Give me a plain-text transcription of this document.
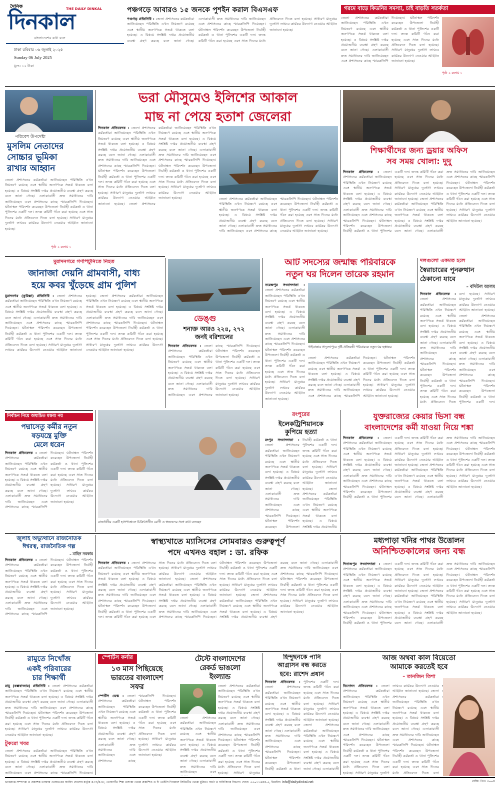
দৈনিক
দিনকাল
THE DAILY DINKAL
বাংলাদেশের কথা বলে
ঢাকা রবিবার ০৬ জুলাই ২০২৫
Sunday 06 July 2025
মূল্য: ১২ টাকা
পঞ্চগড়ে আবারও ১৫ জনকে পুশইন করাল বিএসএফ
পঞ্চগড় প্রতিনিধি : জেলা প্রশাসনের কর্মকর্তারা জানিয়েছেন পরিস্থিতি এখন নিয়ন্ত্রণে রয়েছে এবং স্থানীয় জনগণকে সতর্ক থাকতে বলা হয়েছে। এ বিষয়ে সংশ্লিষ্ট দপ্তর প্রয়োজনীয় ব্যবস্থা গ্রহণ করছে বলে জানা গেছে। এলাকাবাসী দ্রুত সমাধানের দাবি জানিয়েছেন এবং প্রশাসনের কাছে স্মারকলিপি দিয়েছেন। ঘটনাস্থল পরিদর্শন করেছেন উপজেলা নির্বাহী কর্মকর্তা ও থানা পুলিশের একটি দল। তদন্ত কমিটি গঠন করা হয়েছে এবং সাত দিনের মধ্যে প্রতিবেদন দিতে বলা হয়েছে। সাধারণ মানুষের দুর্ভোগ লাঘবে কার্যকর উদ্যোগ নেওয়ার আহ্বান জানানো হয়েছে।
গরমে বাড়ে কিডনির সমস্যা, চাই বাড়তি সতর্কতা
জেলা প্রশাসনের কর্মকর্তারা জানিয়েছেন পরিস্থিতি এখন নিয়ন্ত্রণে রয়েছে এবং স্থানীয় জনগণকে সতর্ক থাকতে বলা হয়েছে। এ বিষয়ে সংশ্লিষ্ট দপ্তর প্রয়োজনীয় ব্যবস্থা গ্রহণ করছে বলে জানা গেছে। এলাকাবাসী দ্রুত সমাধানের দাবি জানিয়েছেন এবং প্রশাসনের কাছে স্মারকলিপি দিয়েছেন। ঘটনাস্থল পরিদর্শন করেছেন উপজেলা নির্বাহী কর্মকর্তা ও থানা পুলিশের একটি দল। তদন্ত কমিটি গঠন করা হয়েছে এবং সাত দিনের মধ্যে প্রতিবেদন দিতে বলা হয়েছে। সাধারণ মানুষের দুর্ভোগ লাঘবে কার্যকর উদ্যোগ নেওয়ার আহ্বান জানানো হয়েছে।
পৃষ্ঠা ২ কলাম ১
পরিবেশ উপদেষ্টা
মুসলিম নেতাদের
সোচ্চার ভূমিকা
রাখার আহ্বান
জেলা প্রশাসনের কর্মকর্তারা জানিয়েছেন পরিস্থিতি এখন নিয়ন্ত্রণে রয়েছে এবং স্থানীয় জনগণকে সতর্ক থাকতে বলা হয়েছে। এ বিষয়ে সংশ্লিষ্ট দপ্তর প্রয়োজনীয় ব্যবস্থা গ্রহণ করছে বলে জানা গেছে। এলাকাবাসী দ্রুত সমাধানের দাবি জানিয়েছেন এবং প্রশাসনের কাছে স্মারকলিপি দিয়েছেন। ঘটনাস্থল পরিদর্শন করেছেন উপজেলা নির্বাহী কর্মকর্তা ও থানা পুলিশের একটি দল। তদন্ত কমিটি গঠন করা হয়েছে এবং সাত দিনের মধ্যে প্রতিবেদন দিতে বলা হয়েছে। সাধারণ মানুষের দুর্ভোগ লাঘবে কার্যকর উদ্যোগ নেওয়ার আহ্বান জানানো হয়েছে।
পৃষ্ঠা ২ কলাম ১
ভরা মৌসুমেও ইলিশের আকাল
মাছ না পেয়ে হতাশ জেলেরা
দিনকাল প্রতিবেদক : জেলা প্রশাসনের কর্মকর্তারা জানিয়েছেন পরিস্থিতি এখন নিয়ন্ত্রণে রয়েছে এবং স্থানীয় জনগণকে সতর্ক থাকতে বলা হয়েছে। এ বিষয়ে সংশ্লিষ্ট দপ্তর প্রয়োজনীয় ব্যবস্থা গ্রহণ করছে বলে জানা গেছে। এলাকাবাসী দ্রুত সমাধানের দাবি জানিয়েছেন এবং প্রশাসনের কাছে স্মারকলিপি দিয়েছেন। ঘটনাস্থল পরিদর্শন করেছেন উপজেলা নির্বাহী কর্মকর্তা ও থানা পুলিশের একটি দল। তদন্ত কমিটি গঠন করা হয়েছে এবং সাত দিনের মধ্যে প্রতিবেদন দিতে বলা হয়েছে। সাধারণ মানুষের দুর্ভোগ লাঘবে কার্যকর উদ্যোগ নেওয়ার আহ্বান জানানো হয়েছে। জেলা প্রশাসনের কর্মকর্তারা জানিয়েছেন পরিস্থিতি এখন নিয়ন্ত্রণে রয়েছে এবং স্থানীয় জনগণকে সতর্ক থাকতে বলা হয়েছে। এ বিষয়ে সংশ্লিষ্ট দপ্তর প্রয়োজনীয় ব্যবস্থা গ্রহণ করছে বলে জানা গেছে। এলাকাবাসী দ্রুত সমাধানের দাবি জানিয়েছেন এবং প্রশাসনের কাছে স্মারকলিপি দিয়েছেন। ঘটনাস্থল পরিদর্শন করেছেন উপজেলা নির্বাহী কর্মকর্তা ও থানা পুলিশের একটি দল। তদন্ত কমিটি গঠন করা হয়েছে এবং সাত দিনের মধ্যে প্রতিবেদন দিতে বলা হয়েছে। সাধারণ মানুষের দুর্ভোগ লাঘবে কার্যকর উদ্যোগ নেওয়ার আহ্বান জানানো হয়েছে।	জেলা প্রশাসনের কর্মকর্তারা জানিয়েছেন পরিস্থিতি এখন নিয়ন্ত্রণে রয়েছে এবং স্থানীয় জনগণকে সতর্ক থাকতে বলা হয়েছে। এ বিষয়ে সংশ্লিষ্ট দপ্তর প্রয়োজনীয় ব্যবস্থা গ্রহণ করছে বলে জানা গেছে। এলাকাবাসী দ্রুত সমাধানের দাবি জানিয়েছেন এবং প্রশাসনের কাছে স্মারকলিপি দিয়েছেন। ঘটনাস্থল পরিদর্শন করেছেন উপজেলা নির্বাহী কর্মকর্তা ও থানা পুলিশের একটি দল। তদন্ত কমিটি গঠন করা হয়েছে এবং সাত দিনের মধ্যে প্রতিবেদন দিতে বলা হয়েছে। সাধারণ মানুষের দুর্ভোগ লাঘবে কার্যকর উদ্যোগ নেওয়ার আহ্বান জানানো হয়েছে।
শিক্ষার্থীদের জন্য ড্রয়ার অফিস
সব সময় খোলা: দুদু
দিনকাল প্রতিবেদক : জেলা প্রশাসনের কর্মকর্তারা জানিয়েছেন পরিস্থিতি এখন নিয়ন্ত্রণে রয়েছে এবং স্থানীয় জনগণকে সতর্ক থাকতে বলা হয়েছে। এ বিষয়ে সংশ্লিষ্ট দপ্তর প্রয়োজনীয় ব্যবস্থা গ্রহণ করছে বলে জানা গেছে। এলাকাবাসী দ্রুত সমাধানের দাবি জানিয়েছেন এবং প্রশাসনের কাছে স্মারকলিপি দিয়েছেন। ঘটনাস্থল পরিদর্শন করেছেন উপজেলা নির্বাহী কর্মকর্তা ও থানা পুলিশের একটি দল। তদন্ত কমিটি গঠন করা হয়েছে এবং সাত দিনের মধ্যে প্রতিবেদন দিতে বলা হয়েছে। সাধারণ মানুষের দুর্ভোগ লাঘবে কার্যকর উদ্যোগ নেওয়ার আহ্বান জানানো হয়েছে। জেলা প্রশাসনের কর্মকর্তারা জানিয়েছেন পরিস্থিতি এখন নিয়ন্ত্রণে রয়েছে এবং স্থানীয় জনগণকে সতর্ক থাকতে বলা হয়েছে। এ বিষয়ে সংশ্লিষ্ট দপ্তর প্রয়োজনীয় ব্যবস্থা গ্রহণ করছে বলে জানা গেছে। এলাকাবাসী দ্রুত সমাধানের দাবি জানিয়েছেন এবং প্রশাসনের কাছে স্মারকলিপি দিয়েছেন। ঘটনাস্থল পরিদর্শন করেছেন উপজেলা নির্বাহী কর্মকর্তা ও থানা পুলিশের একটি দল। তদন্ত কমিটি গঠন করা হয়েছে এবং সাত দিনের মধ্যে প্রতিবেদন দিতে বলা হয়েছে। সাধারণ মানুষের দুর্ভোগ লাঘবে কার্যকর উদ্যোগ নেওয়ার আহ্বান জানানো হয়েছে।
মুরাদনগরে গণপিটুনিতে নিহত
জানাজা দেয়নি গ্রামবাসী, বাধ্য
হয়ে কবর খুঁড়েছে গ্রাম পুলিশ
মুরাদনগর (কুমিল্লা) প্রতিনিধি : জেলা প্রশাসনের কর্মকর্তারা জানিয়েছেন পরিস্থিতি এখন নিয়ন্ত্রণে রয়েছে এবং স্থানীয় জনগণকে সতর্ক থাকতে বলা হয়েছে। এ বিষয়ে সংশ্লিষ্ট দপ্তর প্রয়োজনীয় ব্যবস্থা গ্রহণ করছে বলে জানা গেছে। এলাকাবাসী দ্রুত সমাধানের দাবি জানিয়েছেন এবং প্রশাসনের কাছে স্মারকলিপি দিয়েছেন। ঘটনাস্থল পরিদর্শন করেছেন উপজেলা নির্বাহী কর্মকর্তা ও থানা পুলিশের একটি দল। তদন্ত কমিটি গঠন করা হয়েছে এবং সাত দিনের মধ্যে প্রতিবেদন দিতে বলা হয়েছে। সাধারণ মানুষের দুর্ভোগ লাঘবে কার্যকর উদ্যোগ নেওয়ার আহ্বান জানানো হয়েছে। জেলা প্রশাসনের কর্মকর্তারা জানিয়েছেন পরিস্থিতি এখন নিয়ন্ত্রণে রয়েছে এবং স্থানীয় জনগণকে সতর্ক থাকতে বলা হয়েছে। এ বিষয়ে সংশ্লিষ্ট দপ্তর প্রয়োজনীয় ব্যবস্থা গ্রহণ করছে বলে জানা গেছে। এলাকাবাসী দ্রুত সমাধানের দাবি জানিয়েছেন এবং প্রশাসনের কাছে স্মারকলিপি দিয়েছেন। ঘটনাস্থল পরিদর্শন করেছেন উপজেলা নির্বাহী কর্মকর্তা ও থানা পুলিশের একটি দল। তদন্ত কমিটি গঠন করা হয়েছে এবং সাত দিনের মধ্যে প্রতিবেদন দিতে বলা হয়েছে। সাধারণ মানুষের দুর্ভোগ লাঘবে কার্যকর উদ্যোগ নেওয়ার আহ্বান জানানো হয়েছে।
ডেঙ্গু
শনাক্ত আরও ২২৪, ২৭২
জনই বরিশালের
দিনকাল প্রতিবেদক : জেলা প্রশাসনের কর্মকর্তারা জানিয়েছেন পরিস্থিতি এখন নিয়ন্ত্রণে রয়েছে এবং স্থানীয় জনগণকে সতর্ক থাকতে বলা হয়েছে। এ বিষয়ে সংশ্লিষ্ট দপ্তর প্রয়োজনীয় ব্যবস্থা গ্রহণ করছে বলে জানা গেছে। এলাকাবাসী দ্রুত সমাধানের দাবি জানিয়েছেন এবং প্রশাসনের কাছে স্মারকলিপি দিয়েছেন। ঘটনাস্থল পরিদর্শন করেছেন উপজেলা নির্বাহী কর্মকর্তা ও থানা পুলিশের একটি দল। তদন্ত কমিটি গঠন করা হয়েছে এবং সাত দিনের মধ্যে প্রতিবেদন দিতে বলা হয়েছে। সাধারণ মানুষের দুর্ভোগ লাঘবে কার্যকর উদ্যোগ নেওয়ার আহ্বান জানানো হয়েছে।
আট সদস্যের জন্মান্ধ পরিবারকে
নতুন ঘর দিলেন তারেক রহমান
নরেন্দ্রপুর সংবাদদাতা : জেলা প্রশাসনের কর্মকর্তারা জানিয়েছেন পরিস্থিতি এখন নিয়ন্ত্রণে রয়েছে এবং স্থানীয় জনগণকে সতর্ক থাকতে বলা হয়েছে। এ বিষয়ে সংশ্লিষ্ট দপ্তর প্রয়োজনীয় ব্যবস্থা গ্রহণ করছে বলে জানা গেছে। এলাকাবাসী দ্রুত সমাধানের দাবি জানিয়েছেন এবং প্রশাসনের কাছে স্মারকলিপি দিয়েছেন। ঘটনাস্থল পরিদর্শন করেছেন উপজেলা নির্বাহী কর্মকর্তা ও থানা পুলিশের একটি দল। তদন্ত কমিটি গঠন করা হয়েছে এবং সাত দিনের মধ্যে প্রতিবেদন দিতে বলা হয়েছে। সাধারণ মানুষের দুর্ভোগ লাঘবে কার্যকর উদ্যোগ নেওয়ার আহ্বান জানানো হয়েছে।
গাইবান্ধার সাদুল্যাপুরে দৃষ্টি প্রতিবন্ধী পরিবারকে নতুন ঘর হস্তান্তর
জেলা প্রশাসনের কর্মকর্তারা জানিয়েছেন পরিস্থিতি এখন নিয়ন্ত্রণে রয়েছে এবং স্থানীয় জনগণকে সতর্ক থাকতে বলা হয়েছে। এ বিষয়ে সংশ্লিষ্ট দপ্তর প্রয়োজনীয় ব্যবস্থা গ্রহণ করছে বলে জানা গেছে। এলাকাবাসী দ্রুত সমাধানের দাবি জানিয়েছেন এবং প্রশাসনের কাছে স্মারকলিপি দিয়েছেন। ঘটনাস্থল পরিদর্শন করেছেন উপজেলা নির্বাহী কর্মকর্তা ও থানা পুলিশের একটি দল। তদন্ত কমিটি গঠন করা হয়েছে এবং সাত দিনের মধ্যে প্রতিবেদন দিতে বলা হয়েছে। সাধারণ মানুষের দুর্ভোগ লাঘবে কার্যকর উদ্যোগ নেওয়ার আহ্বান জানানো হয়েছে।
দলগুলো একমত হলে
স্বৈরাচারের পুনরুত্থান
ঠেকানো যাবে
– বদিউল আলম
দিনকাল প্রতিবেদক : জেলা প্রশাসনের কর্মকর্তারা জানিয়েছেন পরিস্থিতি এখন নিয়ন্ত্রণে রয়েছে এবং স্থানীয় জনগণকে সতর্ক থাকতে বলা হয়েছে। এ বিষয়ে সংশ্লিষ্ট দপ্তর প্রয়োজনীয় ব্যবস্থা গ্রহণ করছে বলে জানা গেছে। এলাকাবাসী দ্রুত সমাধানের দাবি জানিয়েছেন এবং প্রশাসনের কাছে স্মারকলিপি দিয়েছেন। ঘটনাস্থল পরিদর্শন করেছেন উপজেলা নির্বাহী কর্মকর্তা ও থানা পুলিশের একটি দল। তদন্ত কমিটি গঠন করা হয়েছে এবং সাত দিনের মধ্যে প্রতিবেদন দিতে বলা হয়েছে। সাধারণ মানুষের দুর্ভোগ লাঘবে কার্যকর উদ্যোগ নেওয়ার আহ্বান জানানো হয়েছে। জেলা প্রশাসনের কর্মকর্তারা জানিয়েছেন পরিস্থিতি এখন নিয়ন্ত্রণে রয়েছে এবং স্থানীয় জনগণকে সতর্ক থাকতে বলা হয়েছে। এ বিষয়ে সংশ্লিষ্ট দপ্তর প্রয়োজনীয় ব্যবস্থা গ্রহণ করছে বলে জানা গেছে। এলাকাবাসী দ্রুত সমাধানের দাবি জানিয়েছেন এবং প্রশাসনের কাছে স্মারকলিপি দিয়েছেন। ঘটনাস্থল পরিদর্শন করেছেন উপজেলা নির্বাহী কর্মকর্তা ও থানা পুলিশের একটি দল।
নির্বাচন নিয়ে অযাচিত মন্তব্য নয়
পদ্মাসেতু কর্মীর নতুন
ষড়যন্ত্রে মুক্তি
মেলে ধরেন
দিনকাল প্রতিবেদক : জেলা প্রশাসনের কর্মকর্তারা জানিয়েছেন পরিস্থিতি এখন নিয়ন্ত্রণে রয়েছে এবং স্থানীয় জনগণকে সতর্ক থাকতে বলা হয়েছে। এ বিষয়ে সংশ্লিষ্ট দপ্তর প্রয়োজনীয় ব্যবস্থা গ্রহণ করছে বলে জানা গেছে। এলাকাবাসী দ্রুত সমাধানের দাবি জানিয়েছেন এবং প্রশাসনের কাছে স্মারকলিপি দিয়েছেন। ঘটনাস্থল পরিদর্শন করেছেন উপজেলা নির্বাহী কর্মকর্তা ও থানা পুলিশের একটি দল। তদন্ত কমিটি গঠন করা হয়েছে এবং সাত দিনের মধ্যে প্রতিবেদন দিতে বলা হয়েছে। সাধারণ মানুষের দুর্ভোগ লাঘবে কার্যকর উদ্যোগ নেওয়ার আহ্বান জানানো হয়েছে।
রাজধানীর একটি হাসপাতালে চিকিৎসাধীন রোগী ও স্বজনদের সঙ্গে কথা বলছেন
রংপুরের
ইলেকট্রিশিয়ানকে
কুপিয়ে হত্যা
রংপুর সংবাদদাতা : জেলা প্রশাসনের কর্মকর্তারা জানিয়েছেন পরিস্থিতি এখন নিয়ন্ত্রণে রয়েছে এবং স্থানীয় জনগণকে সতর্ক থাকতে বলা হয়েছে। এ বিষয়ে সংশ্লিষ্ট দপ্তর প্রয়োজনীয় ব্যবস্থা গ্রহণ করছে বলে জানা গেছে। এলাকাবাসী দ্রুত সমাধানের দাবি জানিয়েছেন এবং প্রশাসনের কাছে স্মারকলিপি দিয়েছেন। ঘটনাস্থল পরিদর্শন করেছেন উপজেলা নির্বাহী কর্মকর্তা ও থানা পুলিশের একটি দল। তদন্ত কমিটি গঠন করা হয়েছে এবং সাত দিনের মধ্যে প্রতিবেদন দিতে বলা হয়েছে। সাধারণ মানুষের দুর্ভোগ লাঘবে কার্যকর উদ্যোগ নেওয়ার আহ্বান জানানো হয়েছে।	জেলা প্রশাসনের কর্মকর্তারা জানিয়েছেন পরিস্থিতি এখন নিয়ন্ত্রণে রয়েছে এবং স্থানীয় জনগণকে সতর্ক থাকতে বলা হয়েছে। এ বিষয়ে সংশ্লিষ্ট দপ্তর প্রয়োজনীয়
যুক্তরাজ্যের কেয়ার ভিসা বন্ধ
বাংলাদেশের কর্মী যাওয়া নিয়ে শঙ্কা
দিনকাল প্রতিবেদক : জেলা প্রশাসনের কর্মকর্তারা জানিয়েছেন পরিস্থিতি এখন নিয়ন্ত্রণে রয়েছে এবং স্থানীয় জনগণকে সতর্ক থাকতে বলা হয়েছে। এ বিষয়ে সংশ্লিষ্ট দপ্তর প্রয়োজনীয় ব্যবস্থা গ্রহণ করছে বলে জানা গেছে। এলাকাবাসী দ্রুত সমাধানের দাবি জানিয়েছেন এবং প্রশাসনের কাছে স্মারকলিপি দিয়েছেন। ঘটনাস্থল পরিদর্শন করেছেন উপজেলা নির্বাহী কর্মকর্তা ও থানা পুলিশের একটি দল। তদন্ত কমিটি গঠন করা হয়েছে এবং সাত দিনের মধ্যে প্রতিবেদন দিতে বলা হয়েছে। সাধারণ মানুষের দুর্ভোগ লাঘবে কার্যকর উদ্যোগ নেওয়ার আহ্বান জানানো হয়েছে। জেলা প্রশাসনের কর্মকর্তারা জানিয়েছেন পরিস্থিতি এখন নিয়ন্ত্রণে রয়েছে এবং স্থানীয় জনগণকে সতর্ক থাকতে বলা হয়েছে। এ বিষয়ে সংশ্লিষ্ট দপ্তর প্রয়োজনীয় ব্যবস্থা গ্রহণ করছে বলে জানা গেছে। এলাকাবাসী দ্রুত সমাধানের দাবি জানিয়েছেন এবং প্রশাসনের কাছে স্মারকলিপি দিয়েছেন। ঘটনাস্থল পরিদর্শন করেছেন উপজেলা নির্বাহী কর্মকর্তা ও থানা পুলিশের একটি দল। তদন্ত কমিটি গঠন করা হয়েছে এবং সাত দিনের মধ্যে প্রতিবেদন দিতে বলা হয়েছে। সাধারণ মানুষের দুর্ভোগ লাঘবে কার্যকর উদ্যোগ নেওয়ার আহ্বান জানানো হয়েছে।
জুলাই অভ্যুত্থানে রাজনৈতিক
ঈশ্বরত্ব, রাজনৈতিক গল্প
– মাহিন সরকার
দিনকাল প্রতিবেদক : জেলা প্রশাসনের কর্মকর্তারা জানিয়েছেন পরিস্থিতি এখন নিয়ন্ত্রণে রয়েছে এবং স্থানীয় জনগণকে সতর্ক থাকতে বলা হয়েছে। এ বিষয়ে সংশ্লিষ্ট দপ্তর প্রয়োজনীয় ব্যবস্থা গ্রহণ করছে বলে জানা গেছে। এলাকাবাসী দ্রুত সমাধানের দাবি জানিয়েছেন এবং প্রশাসনের কাছে স্মারকলিপি দিয়েছেন। ঘটনাস্থল পরিদর্শন করেছেন উপজেলা নির্বাহী কর্মকর্তা ও থানা পুলিশের একটি দল। তদন্ত কমিটি গঠন করা হয়েছে এবং সাত দিনের মধ্যে প্রতিবেদন দিতে বলা হয়েছে। সাধারণ মানুষের দুর্ভোগ লাঘবে কার্যকর উদ্যোগ নেওয়ার আহ্বান জানানো হয়েছে।
স্বাস্থ্যখাতে ম্যাসিসের সোমবারও গুরুত্বপূর্ণ
পদে এখনও বহাল : ডা. রফিক
দিনকাল প্রতিবেদক : জেলা প্রশাসনের কর্মকর্তারা জানিয়েছেন পরিস্থিতি এখন নিয়ন্ত্রণে রয়েছে এবং স্থানীয় জনগণকে সতর্ক থাকতে বলা হয়েছে। এ বিষয়ে সংশ্লিষ্ট দপ্তর প্রয়োজনীয় ব্যবস্থা গ্রহণ করছে বলে জানা গেছে। এলাকাবাসী দ্রুত সমাধানের দাবি জানিয়েছেন এবং প্রশাসনের কাছে স্মারকলিপি দিয়েছেন। ঘটনাস্থল পরিদর্শন করেছেন উপজেলা নির্বাহী কর্মকর্তা ও থানা পুলিশের একটি দল। তদন্ত কমিটি গঠন করা হয়েছে এবং সাত দিনের মধ্যে প্রতিবেদন দিতে বলা হয়েছে। সাধারণ মানুষের দুর্ভোগ লাঘবে কার্যকর উদ্যোগ নেওয়ার আহ্বান জানানো হয়েছে। জেলা প্রশাসনের কর্মকর্তারা জানিয়েছেন পরিস্থিতি এখন নিয়ন্ত্রণে রয়েছে এবং স্থানীয় জনগণকে সতর্ক থাকতে বলা হয়েছে। এ বিষয়ে সংশ্লিষ্ট দপ্তর প্রয়োজনীয় ব্যবস্থা গ্রহণ করছে বলে জানা গেছে। এলাকাবাসী দ্রুত সমাধানের দাবি জানিয়েছেন এবং প্রশাসনের কাছে স্মারকলিপি দিয়েছেন। ঘটনাস্থল পরিদর্শন করেছেন উপজেলা নির্বাহী কর্মকর্তা ও থানা পুলিশের একটি দল। তদন্ত কমিটি গঠন করা হয়েছে এবং সাত দিনের মধ্যে প্রতিবেদন দিতে বলা হয়েছে। সাধারণ মানুষের দুর্ভোগ লাঘবে কার্যকর উদ্যোগ নেওয়ার আহ্বান জানানো হয়েছে। জেলা প্রশাসনের কর্মকর্তারা জানিয়েছেন পরিস্থিতি এখন নিয়ন্ত্রণে রয়েছে এবং স্থানীয় জনগণকে সতর্ক থাকতে বলা হয়েছে। এ বিষয়ে সংশ্লিষ্ট দপ্তর প্রয়োজনীয় ব্যবস্থা গ্রহণ করছে বলে জানা গেছে। এলাকাবাসী দ্রুত সমাধানের দাবি জানিয়েছেন এবং প্রশাসনের কাছে স্মারকলিপি দিয়েছেন। ঘটনাস্থল পরিদর্শন করেছেন উপজেলা নির্বাহী কর্মকর্তা ও থানা পুলিশের একটি দল। তদন্ত কমিটি গঠন করা হয়েছে এবং সাত দিনের মধ্যে প্রতিবেদন দিতে বলা হয়েছে। সাধারণ মানুষের দুর্ভোগ লাঘবে কার্যকর উদ্যোগ নেওয়ার আহ্বান জানানো হয়েছে।
মধ্যপাড়া খনির পাথর উত্তোলন
অনিশ্চিতকালের জন্য বন্ধ
দিনাজপুর সংবাদদাতা : জেলা প্রশাসনের কর্মকর্তারা জানিয়েছেন পরিস্থিতি এখন নিয়ন্ত্রণে রয়েছে এবং স্থানীয় জনগণকে সতর্ক থাকতে বলা হয়েছে। এ বিষয়ে সংশ্লিষ্ট দপ্তর প্রয়োজনীয় ব্যবস্থা গ্রহণ করছে বলে জানা গেছে। এলাকাবাসী দ্রুত সমাধানের দাবি জানিয়েছেন এবং প্রশাসনের কাছে স্মারকলিপি দিয়েছেন। ঘটনাস্থল পরিদর্শন করেছেন উপজেলা নির্বাহী কর্মকর্তা ও থানা পুলিশের একটি দল। তদন্ত কমিটি গঠন করা হয়েছে এবং সাত দিনের মধ্যে প্রতিবেদন দিতে বলা হয়েছে। সাধারণ মানুষের দুর্ভোগ লাঘবে কার্যকর উদ্যোগ নেওয়ার আহ্বান জানানো হয়েছে। জেলা প্রশাসনের কর্মকর্তারা জানিয়েছেন পরিস্থিতি এখন নিয়ন্ত্রণে রয়েছে এবং স্থানীয় জনগণকে সতর্ক থাকতে বলা হয়েছে। এ বিষয়ে সংশ্লিষ্ট দপ্তর প্রয়োজনীয় ব্যবস্থা গ্রহণ করছে বলে জানা গেছে। এলাকাবাসী দ্রুত সমাধানের দাবি জানিয়েছেন এবং প্রশাসনের কাছে স্মারকলিপি দিয়েছেন। ঘটনাস্থল পরিদর্শন করেছেন উপজেলা নির্বাহী কর্মকর্তা ও থানা পুলিশের একটি দল। তদন্ত কমিটি গঠন করা হয়েছে এবং সাত দিনের মধ্যে প্রতিবেদন দিতে বলা হয়েছে। সাধারণ মানুষের দুর্ভোগ লাঘবে কার্যকর উদ্যোগ নেওয়ার আহ্বান জানানো হয়েছে।
রামুতে নিখোঁজ
একই পরিবারের
চার শিক্ষার্থী
রামু (কক্সবাজার) প্রতিনিধি : জেলা প্রশাসনের কর্মকর্তারা জানিয়েছেন পরিস্থিতি এখন নিয়ন্ত্রণে রয়েছে এবং স্থানীয় জনগণকে সতর্ক থাকতে বলা হয়েছে। এ বিষয়ে সংশ্লিষ্ট দপ্তর প্রয়োজনীয় ব্যবস্থা গ্রহণ করছে বলে জানা গেছে। এলাকাবাসী দ্রুত সমাধানের দাবি জানিয়েছেন এবং প্রশাসনের কাছে স্মারকলিপি দিয়েছেন। ঘটনাস্থল পরিদর্শন করেছেন উপজেলা নির্বাহী কর্মকর্তা ও থানা পুলিশের একটি দল। তদন্ত কমিটি গঠন করা হয়েছে এবং সাত দিনের মধ্যে প্রতিবেদন দিতে বলা হয়েছে। সাধারণ মানুষের দুর্ভোগ লাঘবে কার্যকর উদ্যোগ নেওয়ার আহ্বান জানানো হয়েছে।
টুকরো খবর
জেলা প্রশাসনের কর্মকর্তারা জানিয়েছেন পরিস্থিতি এখন নিয়ন্ত্রণে রয়েছে এবং স্থানীয় জনগণকে সতর্ক থাকতে বলা হয়েছে। এ বিষয়ে সংশ্লিষ্ট দপ্তর প্রয়োজনীয় ব্যবস্থা গ্রহণ করছে বলে জানা গেছে। এলাকাবাসী দ্রুত সমাধানের দাবি জানিয়েছেন এবং প্রশাসনের কাছে স্মারকলিপি দিয়েছেন।
স্পোর্টস কর্নার
১৩ মাস পিছিয়েছে
ভারতের বাংলাদেশ
সফর
স্পোর্টস ডেস্ক : জেলা প্রশাসনের কর্মকর্তারা জানিয়েছেন পরিস্থিতি এখন নিয়ন্ত্রণে রয়েছে এবং স্থানীয় জনগণকে সতর্ক থাকতে বলা হয়েছে। এ বিষয়ে সংশ্লিষ্ট দপ্তর প্রয়োজনীয় ব্যবস্থা গ্রহণ করছে বলে জানা গেছে। এলাকাবাসী দ্রুত সমাধানের দাবি জানিয়েছেন এবং প্রশাসনের কাছে স্মারকলিপি দিয়েছেন। ঘটনাস্থল পরিদর্শন করেছেন উপজেলা নির্বাহী কর্মকর্তা ও থানা পুলিশের একটি দল। তদন্ত কমিটি গঠন করা হয়েছে এবং সাত দিনের মধ্যে প্রতিবেদন দিতে বলা হয়েছে। সাধারণ মানুষের দুর্ভোগ লাঘবে কার্যকর উদ্যোগ নেওয়ার আহ্বান জানানো হয়েছে।
টেস্টে বাংলাদেশের
রেকর্ড ভাঙলো
ইংল্যান্ড
জেলা প্রশাসনের কর্মকর্তারা জানিয়েছেন পরিস্থিতি এখন নিয়ন্ত্রণে রয়েছে এবং স্থানীয় জনগণকে সতর্ক থাকতে বলা হয়েছে। এ বিষয়ে সংশ্লিষ্ট দপ্তর প্রয়োজনীয় ব্যবস্থা গ্রহণ করছে বলে জানা গেছে। এলাকাবাসী দ্রুত সমাধানের দাবি জানিয়েছেন এবং প্রশাসনের কাছে স্মারকলিপি দিয়েছেন। ঘটনাস্থল পরিদর্শন করেছেন উপজেলা নির্বাহী কর্মকর্তা ও থানা পুলিশের একটি দল। তদন্ত কমিটি গঠন করা হয়েছে এবং সাত দিনের মধ্যে প্রতিবেদন দিতে বলা হয়েছে। সাধারণ মানুষের
জেলা প্রশাসনের কর্মকর্তারা জানিয়েছেন পরিস্থিতি এখন নিয়ন্ত্রণে রয়েছে এবং স্থানীয় জনগণকে সতর্ক থাকতে বলা হয়েছে। এ বিষয়ে সংশ্লিষ্ট দপ্তর প্রয়োজনীয় ব্যবস্থা গ্রহণ করছে বলে জানা গেছে। এলাকাবাসী দ্রুত সমাধানের দাবি জানিয়েছেন এবং
হিন্দুছনকে পানি
আগ্রাসন বন্ধ করতে
হবে: রাশেদ প্রধান
দিনকাল প্রতিবেদক : জেলা প্রশাসনের কর্মকর্তারা জানিয়েছেন পরিস্থিতি এখন নিয়ন্ত্রণে রয়েছে এবং স্থানীয় জনগণকে সতর্ক থাকতে বলা হয়েছে। এ বিষয়ে সংশ্লিষ্ট দপ্তর প্রয়োজনীয় ব্যবস্থা গ্রহণ করছে বলে জানা গেছে। এলাকাবাসী দ্রুত সমাধানের দাবি জানিয়েছেন এবং প্রশাসনের কাছে স্মারকলিপি দিয়েছেন। ঘটনাস্থল পরিদর্শন করেছেন উপজেলা নির্বাহী কর্মকর্তা ও থানা পুলিশের একটি দল। তদন্ত কমিটি গঠন করা হয়েছে এবং সাত দিনের মধ্যে প্রতিবেদন দিতে বলা হয়েছে। সাধারণ মানুষের দুর্ভোগ লাঘবে কার্যকর উদ্যোগ নেওয়ার আহ্বান জানানো হয়েছে। জেলা প্রশাসনের কর্মকর্তারা জানিয়েছেন পরিস্থিতি এখন নিয়ন্ত্রণে রয়েছে এবং স্থানীয় জনগণকে সতর্ক থাকতে বলা হয়েছে। এ বিষয়ে সংশ্লিষ্ট দপ্তর প্রয়োজনীয় ব্যবস্থা গ্রহণ করছে বলে জানা গেছে। এলাকাবাসী
আজ অথবা কাল বিয়েতো
আমাকে করতেই হবে
– তানজিন তিশা
বিনোদন প্রতিবেদক : জেলা প্রশাসনের কর্মকর্তারা জানিয়েছেন পরিস্থিতি এখন নিয়ন্ত্রণে রয়েছে এবং স্থানীয় জনগণকে সতর্ক থাকতে বলা হয়েছে। এ বিষয়ে সংশ্লিষ্ট দপ্তর প্রয়োজনীয় ব্যবস্থা গ্রহণ করছে বলে জানা গেছে। এলাকাবাসী দ্রুত সমাধানের দাবি জানিয়েছেন এবং প্রশাসনের কাছে স্মারকলিপি দিয়েছেন। ঘটনাস্থল পরিদর্শন করেছেন উপজেলা নির্বাহী কর্মকর্তা ও থানা পুলিশের একটি দল। তদন্ত কমিটি গঠন করা হয়েছে এবং সাত দিনের মধ্যে প্রতিবেদন দিতে বলা হয়েছে। সাধারণ মানুষের দুর্ভোগ লাঘবে কার্যকর উদ্যোগ নেওয়ার আহ্বান জানানো হয়েছে। জেলা প্রশাসনের কর্মকর্তারা জানিয়েছেন পরিস্থিতি এখন নিয়ন্ত্রণে রয়েছে এবং স্থানীয় জনগণকে সতর্ক থাকতে বলা হয়েছে। এ বিষয়ে সংশ্লিষ্ট দপ্তর প্রয়োজনীয় ব্যবস্থা গ্রহণ করছে বলে জানা গেছে। এলাকাবাসী দ্রুত সমাধানের দাবি জানিয়েছেন এবং প্রশাসনের কাছে স্মারকলিপি দিয়েছেন। ঘটনাস্থল পরিদর্শন করেছেন উপজেলা নির্বাহী কর্মকর্তা ও থানা পুলিশের একটি দল। তদন্ত কমিটি গঠন করা হয়েছে এবং সাত দিনের মধ্যে প্রতিবেদন দিতে বলা
ভারপ্রাপ্ত সম্পাদক ও প্রকাশক ডাক্তার এজেডএম জাহিদ হোসেন কর্তৃক ৪৩৭/৪৩৮, তেজগাঁও শিল্প এলাকা থেকে প্রকাশিত ও দি ডেইলি দিনকাল লিমিটেড থেকে মুদ্রিত। বার্তা ও বাণিজ্যিক বিভাগ: ফোন: ৫৫০১১৬৪৪-৫, ইমেইল: info@dailydinkal.net	রেজি: ডিএ ৩০০৪
